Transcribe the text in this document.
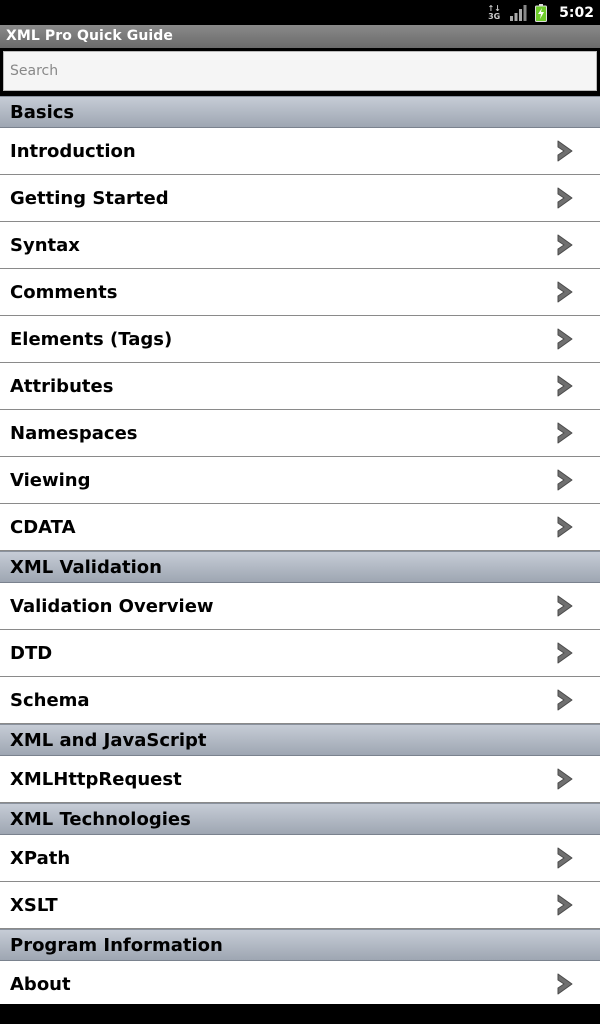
↑↓
3G	5:02
XML Pro Quick Guide
Search
Basics
Introduction
Getting Started
Syntax
Comments
Elements (Tags)
Attributes
Namespaces
Viewing
CDATA
XML Validation
Validation Overview
DTD
Schema
XML and JavaScript
XMLHttpRequest
XML Technologies
XPath
XSLT
Program Information
About
